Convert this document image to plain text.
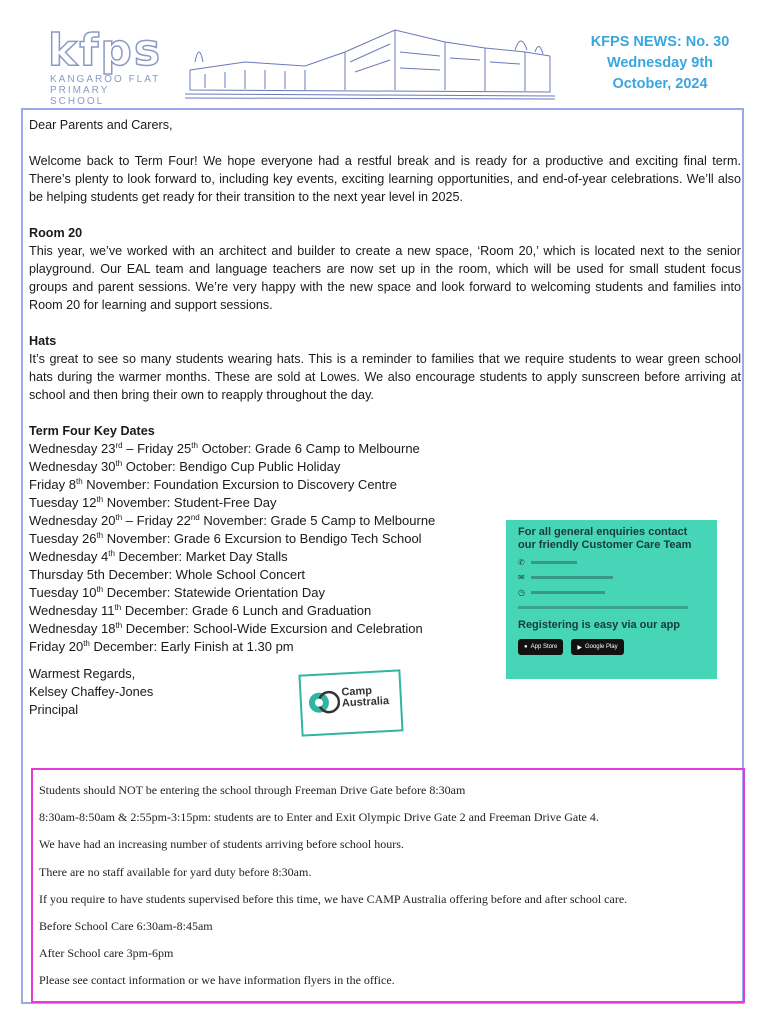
kfps
KANGAROO FLAT
PRIMARY SCHOOL
KFPS NEWS: No. 30
Wednesday 9th
October, 2024

Dear Parents and Carers,

Welcome back to Term Four! We hope everyone had a restful break and is ready for a productive and exciting final term. There’s plenty to look forward to, including key events, exciting learning opportunities, and end-of-year celebrations. We’ll also be helping students get ready for their transition to the next year level in 2025.

Room 20

This year, we’ve worked with an architect and builder to create a new space, ‘Room 20,’ which is located next to the senior playground. Our EAL team and language teachers are now set up in the room, which will be used for small student focus groups and parent sessions. We’re very happy with the new space and look forward to welcoming students and families into Room 20 for learning and support sessions.

Hats

It’s great to see so many students wearing hats. This is a reminder to families that we require students to wear green school hats during the warmer months. These are sold at Lowes. We also encourage students to apply sunscreen before arriving at school and then bring their own to reapply throughout the day.

Term Four Key Dates

Wednesday 23rd – Friday 25th October: Grade 6 Camp to Melbourne
Wednesday 30th October: Bendigo Cup Public Holiday
Friday 8th November: Foundation Excursion to Discovery Centre
Tuesday 12th November: Student-Free Day
Wednesday 20th – Friday 22nd November: Grade 5 Camp to Melbourne
Tuesday 26th November: Grade 6 Excursion to Bendigo Tech School
Wednesday 4th December: Market Day Stalls
Thursday 5th December: Whole School Concert
Tuesday 10th December: Statewide Orientation Day
Wednesday 11th December: Grade 6 Lunch and Graduation
Wednesday 18th December: School-Wide Excursion and Celebration
Friday 20th December: Early Finish at 1.30 pm
Warmest Regards,
Kelsey Chaffey-Jones
Principal
Camp
Australia
For all general enquiries contact our friendly Customer Care Team
✆
✉
◷
Registering is easy via our app
● App Store	▶ Google Play

Students should NOT be entering the school through Freeman Drive Gate before 8:30am

8:30am-8:50am & 2:55pm-3:15pm: students are to Enter and Exit Olympic Drive Gate 2 and Freeman Drive Gate 4.

We have had an increasing number of students arriving before school hours.

There are no staff available for yard duty before 8:30am.

If you require to have students supervised before this time, we have CAMP Australia offering before and after school care.

Before School Care 6:30am-8:45am

After School care 3pm-6pm

Please see contact information or we have information flyers in the office.
